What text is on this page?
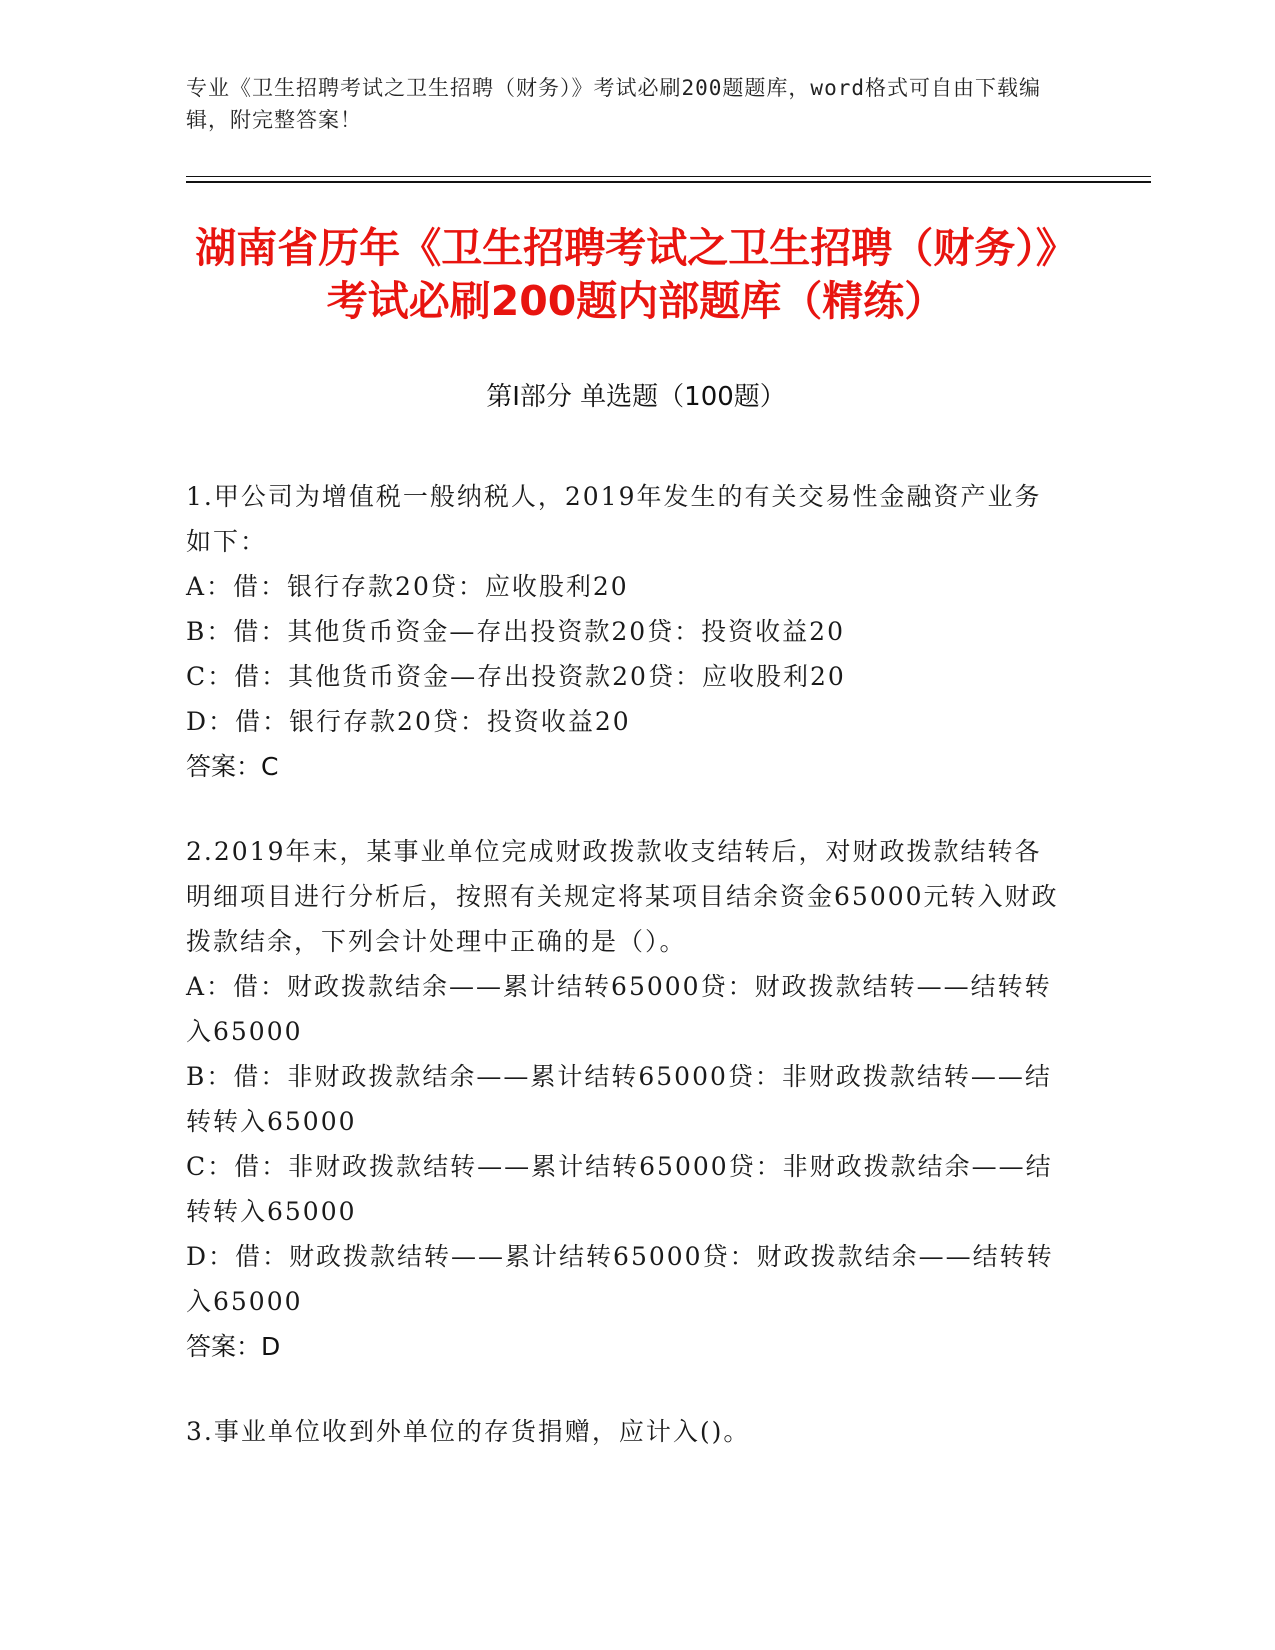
专业《卫生招聘考试之卫生招聘（财务）》考试必刷200题题库，word格式可自由下载编辑，附完整答案！
湖南省历年《卫生招聘考试之卫生招聘（财务）》考试必刷200题内部题库（精练）
第Ⅰ部分 单选题（100题）

1.甲公司为增值税一般纳税人，2019年发生的有关交易性金融资产业务如下：

A：借：银行存款20贷：应收股利20

B：借：其他货币资金—存出投资款20贷：投资收益20

C：借：其他货币资金—存出投资款20贷：应收股利20

D：借：银行存款20贷：投资收益20

答案：C

2.2019年末，某事业单位完成财政拨款收支结转后，对财政拨款结转各明细项目进行分析后，按照有关规定将某项目结余资金65000元转入财政拨款结余，下列会计处理中正确的是（）。

A：借：财政拨款结余——累计结转65000贷：财政拨款结转——结转转入65000

B：借：非财政拨款结余——累计结转65000贷：非财政拨款结转——结转转入65000

C：借：非财政拨款结转——累计结转65000贷：非财政拨款结余——结转转入65000

D：借：财政拨款结转——累计结转65000贷：财政拨款结余——结转转入65000

答案：D

3.事业单位收到外单位的存货捐赠，应计入()。
